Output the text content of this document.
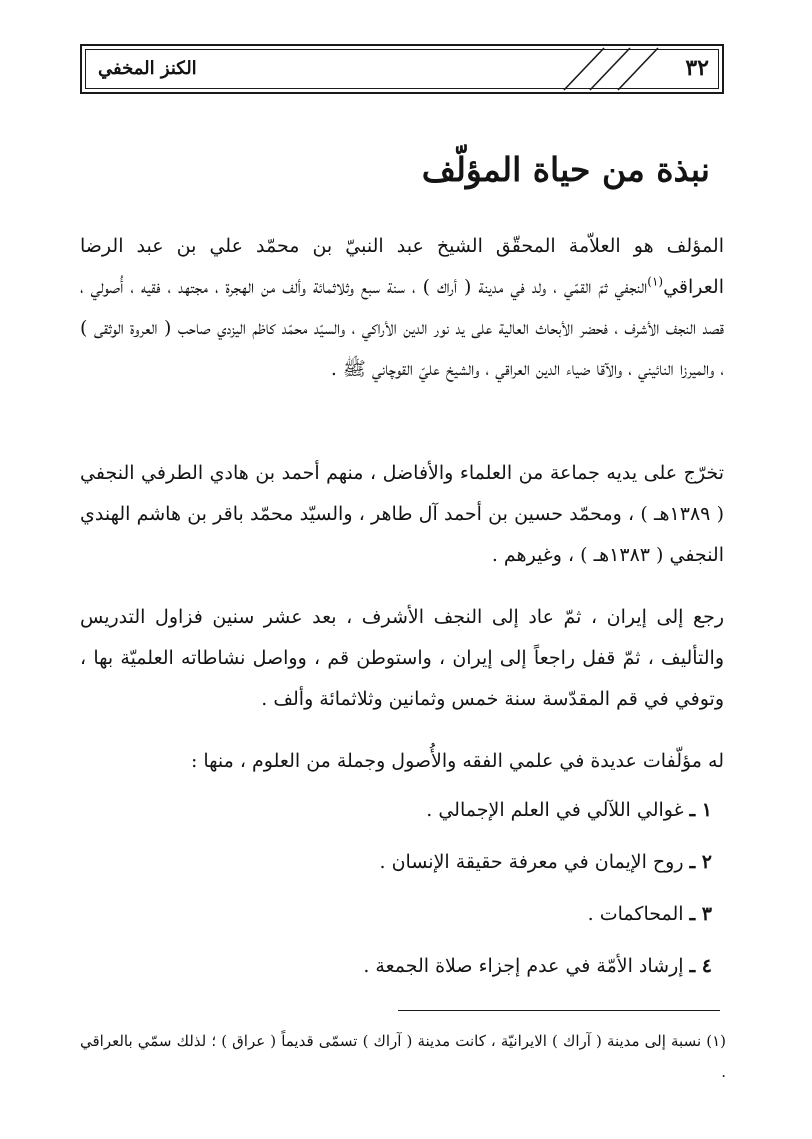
الكنز المخفي	٣٢
نبذة من حياة المؤلّف

المؤلف هو العلاّمة المحقّق الشيخ عبد النبيّ بن محمّد علي بن عبد الرضا العراقي$^{(١)}$النجفي ثمّ القمّي ، ولد في مدينة ( أراك ) ، سنة سبع وثلاثمائة وألف من الهجرة ، مجتهد ، فقيه ، أُصولي ، قصد النجف الأشرف ، فحضر الأبحاث العالية على يد نور الدين الأراكي ، والسيّد محمّد كاظم اليزدي صاحب ( العروة الوثقى ) ، والميرزا النائيني ، والآقا ضياء الدين العراقي ، والشيخ عليّ القوچاني ﷺ .

تخرّج على يديه جماعة من العلماء والأفاضل ، منهم أحمد بن هادي الطرفي النجفي ( ١٣٨٩هـ ) ، ومحمّد حسين بن أحمد آل طاهر ، والسيّد محمّد باقر بن هاشم الهندي النجفي ( ١٣٨٣هـ ) ، وغيرهم .

رجع إلى إيران ، ثمّ عاد إلى النجف الأشرف ، بعد عشر سنين فزاول التدريس والتأليف ، ثمّ قفل راجعاً إلى إيران ، واستوطن قم ، وواصل نشاطاته العلميّة بها ، وتوفي في قم المقدّسة سنة خمس وثمانين وثلاثمائة وألف .

له مؤلّفات عديدة في علمي الفقه والأُصول وجملة من العلوم ، منها :

١ ـ غوالي اللآلي في العلم الإجمالي .
٢ ـ روح الإيمان في معرفة حقيقة الإنسان .
٣ ـ المحاكمات .
٤ ـ إرشاد الأمّة في عدم إجزاء صلاة الجمعة .

(١) نسبة إلى مدينة ( آراك ) الايرانيّة ، كانت مدينة ( آراك ) تسمّى قديماً ( عراق ) ؛ لذلك سمّي بالعراقي .
